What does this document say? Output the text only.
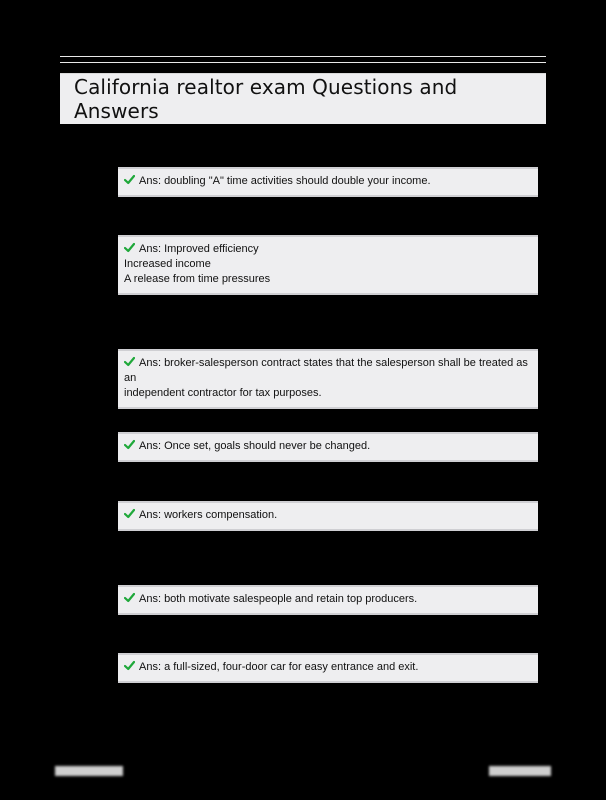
California realtor exam Questions and Answers
Ans: doubling "A" time activities should double your income.
Ans: Improved efficiency
Increased income
A release from time pressures
Ans: broker-salesperson contract states that the salesperson shall be treated as an
independent contractor for tax purposes.
Ans: Once set, goals should never be changed.
Ans: workers compensation.
Ans: both motivate salespeople and retain top producers.
Ans: a full-sized, four-door car for easy entrance and exit.
